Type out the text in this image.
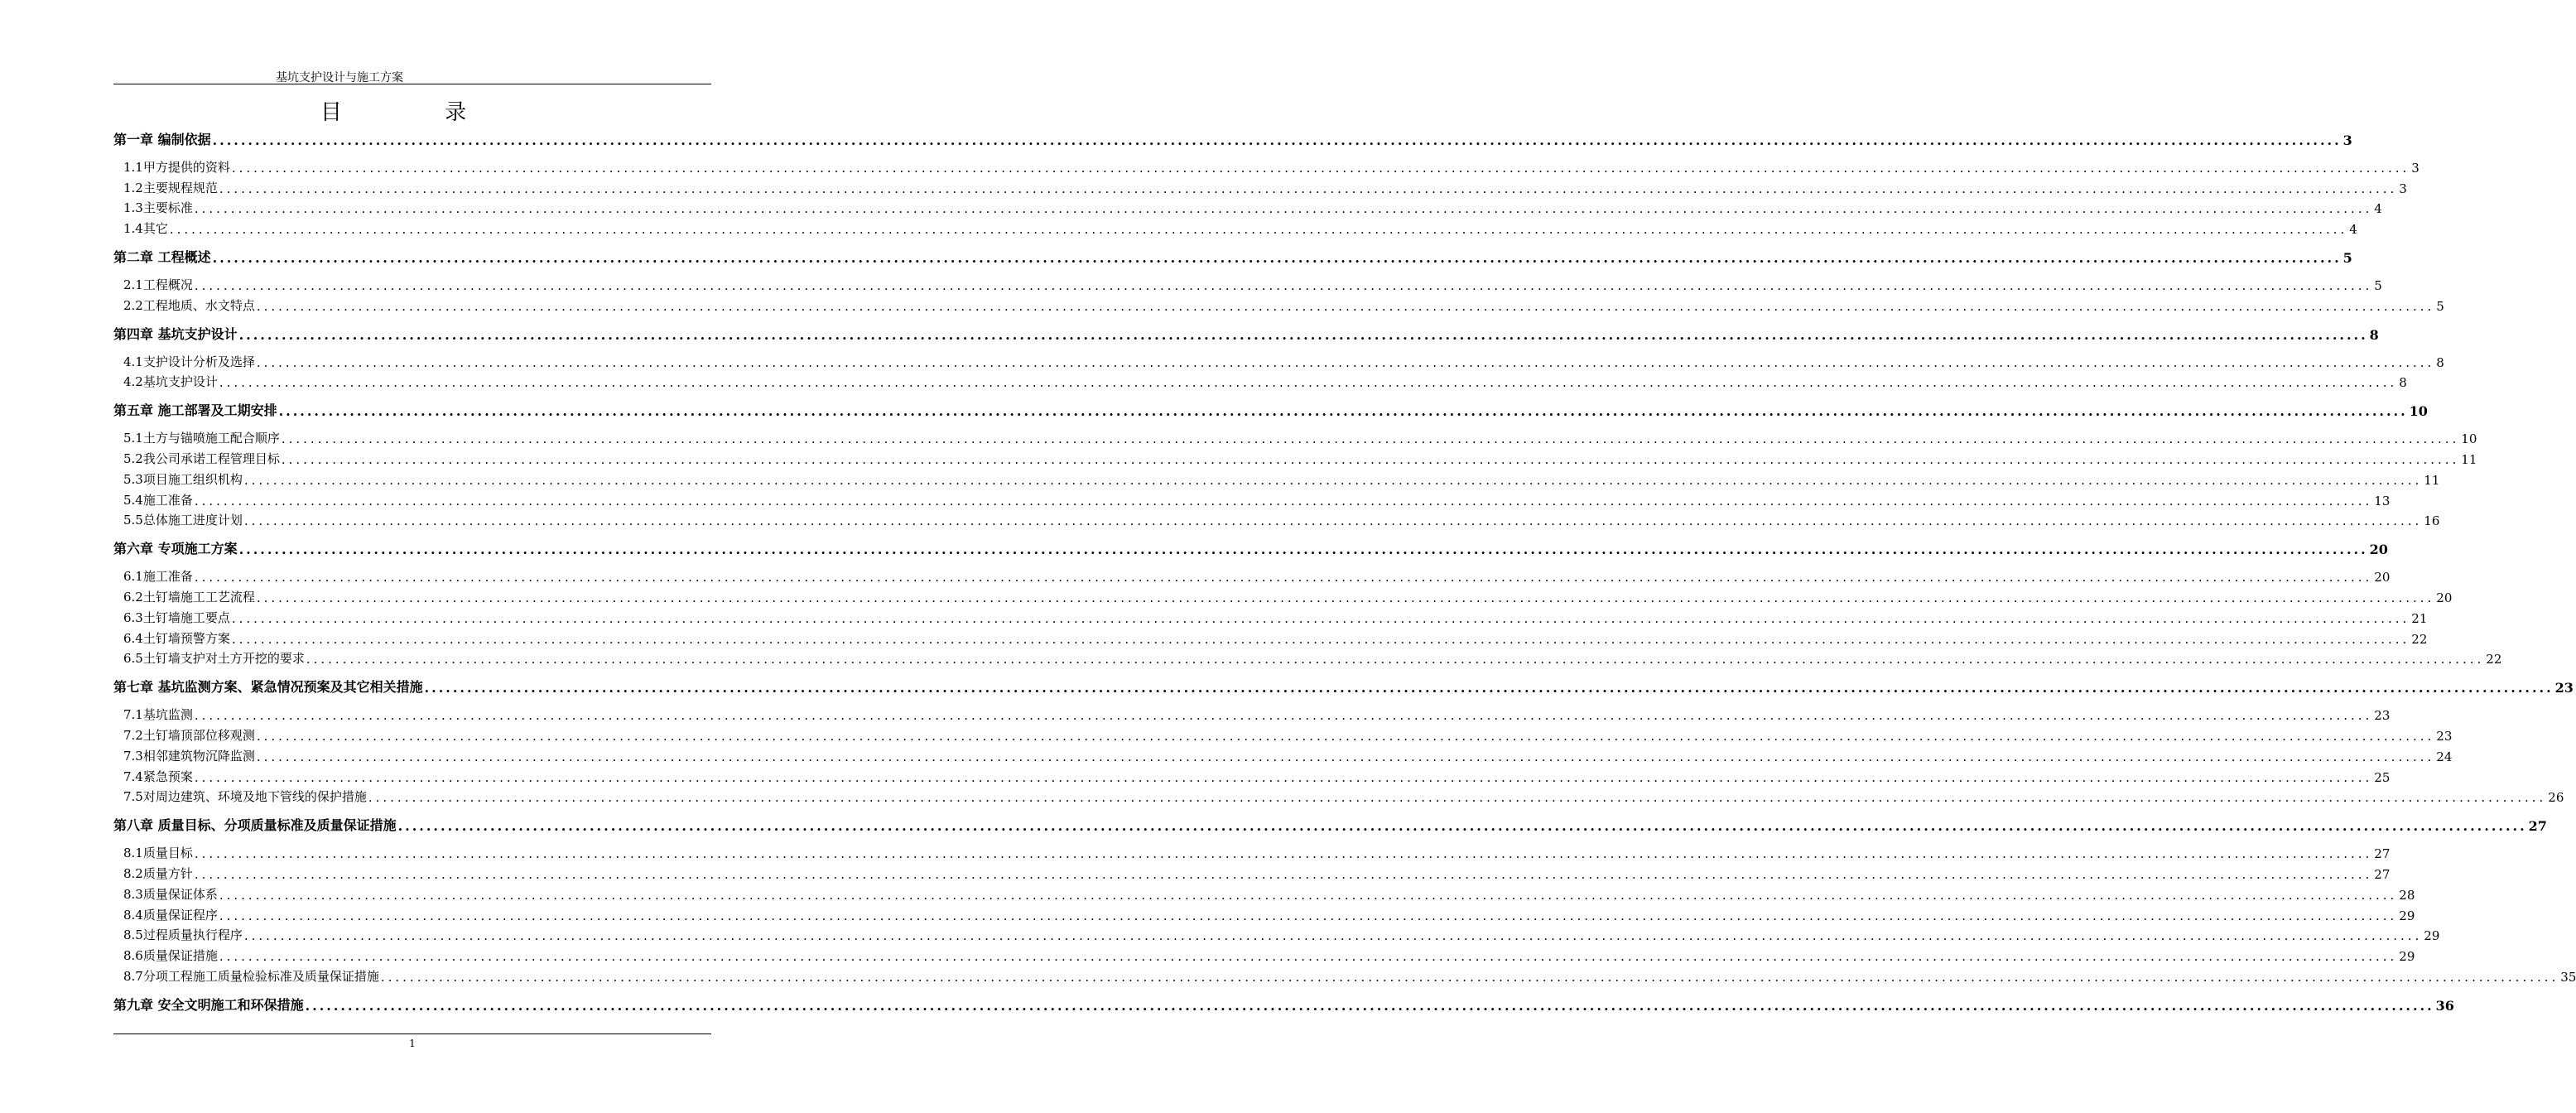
基坑支护设计与施工方案
目 录
第一章 编制依据 ............................................................................................................................................................................................................................................................................................................ 3
1.1甲方提供的资料 ............................................................................................................................................................................................................................................................................................................ 3
1.2主要规程规范 ............................................................................................................................................................................................................................................................................................................ 3
1.3主要标准 ............................................................................................................................................................................................................................................................................................................ 4
1.4其它 ............................................................................................................................................................................................................................................................................................................ 4
第二章 工程概述 ............................................................................................................................................................................................................................................................................................................ 5
2.1工程概况 ............................................................................................................................................................................................................................................................................................................ 5
2.2工程地质、水文特点 ............................................................................................................................................................................................................................................................................................................ 5
第四章 基坑支护设计 ............................................................................................................................................................................................................................................................................................................ 8
4.1支护设计分析及选择 ............................................................................................................................................................................................................................................................................................................ 8
4.2基坑支护设计 ............................................................................................................................................................................................................................................................................................................ 8
第五章 施工部署及工期安排 ............................................................................................................................................................................................................................................................................................................ 10
5.1土方与锚喷施工配合顺序 ............................................................................................................................................................................................................................................................................................................ 10
5.2我公司承诺工程管理目标 ............................................................................................................................................................................................................................................................................................................ 11
5.3项目施工组织机构 ............................................................................................................................................................................................................................................................................................................ 11
5.4施工准备 ............................................................................................................................................................................................................................................................................................................ 13
5.5总体施工进度计划 ............................................................................................................................................................................................................................................................................................................ 16
第六章 专项施工方案 ............................................................................................................................................................................................................................................................................................................ 20
6.1施工准备 ............................................................................................................................................................................................................................................................................................................ 20
6.2土钉墙施工工艺流程 ............................................................................................................................................................................................................................................................................................................ 20
6.3土钉墙施工要点 ............................................................................................................................................................................................................................................................................................................ 21
6.4土钉墙预警方案 ............................................................................................................................................................................................................................................................................................................ 22
6.5土钉墙支护对土方开挖的要求 ............................................................................................................................................................................................................................................................................................................ 22
第七章 基坑监测方案、紧急情况预案及其它相关措施 ............................................................................................................................................................................................................................................................................................................ 23
7.1基坑监测 ............................................................................................................................................................................................................................................................................................................ 23
7.2土钉墙顶部位移观测 ............................................................................................................................................................................................................................................................................................................ 23
7.3相邻建筑物沉降监测 ............................................................................................................................................................................................................................................................................................................ 24
7.4紧急预案 ............................................................................................................................................................................................................................................................................................................ 25
7.5对周边建筑、环境及地下管线的保护措施 ............................................................................................................................................................................................................................................................................................................ 26
第八章 质量目标、分项质量标准及质量保证措施 ............................................................................................................................................................................................................................................................................................................ 27
8.1质量目标 ............................................................................................................................................................................................................................................................................................................ 27
8.2质量方针 ............................................................................................................................................................................................................................................................................................................ 27
8.3质量保证体系 ............................................................................................................................................................................................................................................................................................................ 28
8.4质量保证程序 ............................................................................................................................................................................................................................................................................................................ 29
8.5过程质量执行程序 ............................................................................................................................................................................................................................................................................................................ 29
8.6质量保证措施 ............................................................................................................................................................................................................................................................................................................ 29
8.7分项工程施工质量检验标准及质量保证措施 ............................................................................................................................................................................................................................................................................................................ 35
第九章 安全文明施工和环保措施 ............................................................................................................................................................................................................................................................................................................ 36
1
